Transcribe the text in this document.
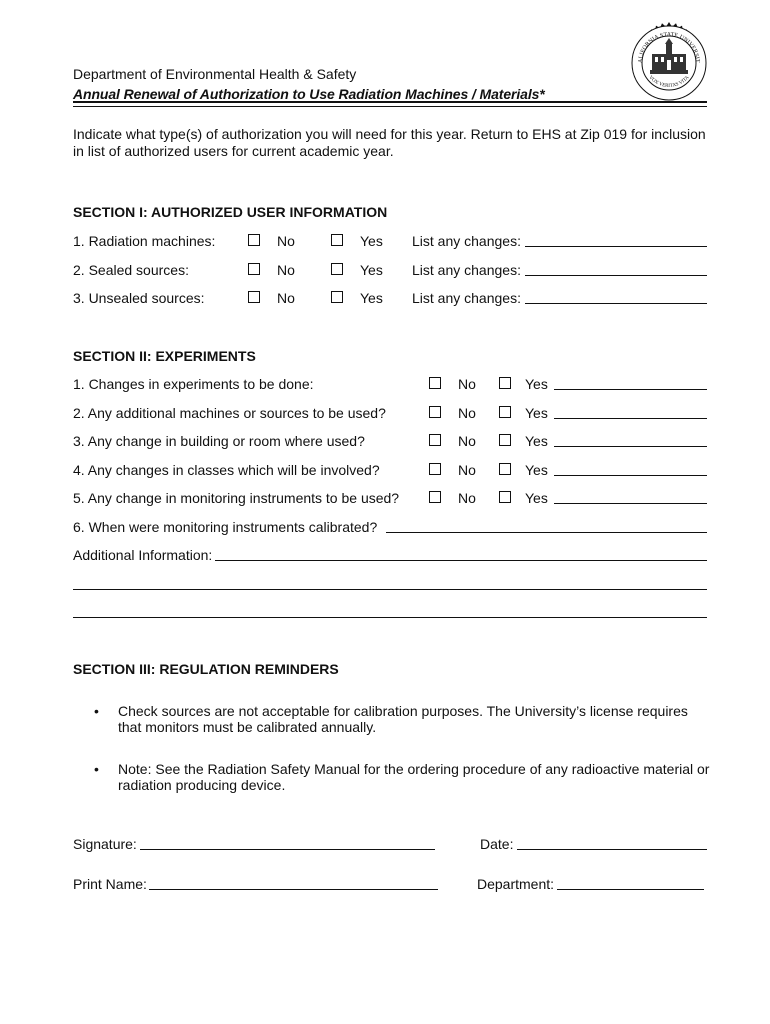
ALIFORNIA STATE UNIVERSIT
VOX VERITAS VITA
Department of Environmental Health & Safety
Annual Renewal of Authorization to Use Radiation Machines / Materials*
Indicate what type(s) of authorization you will need for this year. Return to EHS at Zip 019 for inclusion in list of authorized users for current academic year.
SECTION I: AUTHORIZED USER INFORMATION
1. Radiation machines:	No	Yes List any changes:
2. Sealed sources:	No	Yes List any changes:
3. Unsealed sources:	No	Yes List any changes:
SECTION II: EXPERIMENTS
1. Changes in experiments to be done:	No	Yes
2. Any additional machines or sources to be used?	No	Yes
3. Any change in building or room where used?	No	Yes
4. Any changes in classes which will be involved?	No	Yes
5. Any change in monitoring instruments to be used?	No	Yes
6. When were monitoring instruments calibrated?
Additional Information:
SECTION III: REGULATION REMINDERS
• Check sources are not acceptable for calibration purposes. The University’s license requires
that monitors must be calibrated annually.
• Note: See the Radiation Safety Manual for the ordering procedure of any radioactive material or
radiation producing device.
Signature:	Date:
Print Name:	Department:
